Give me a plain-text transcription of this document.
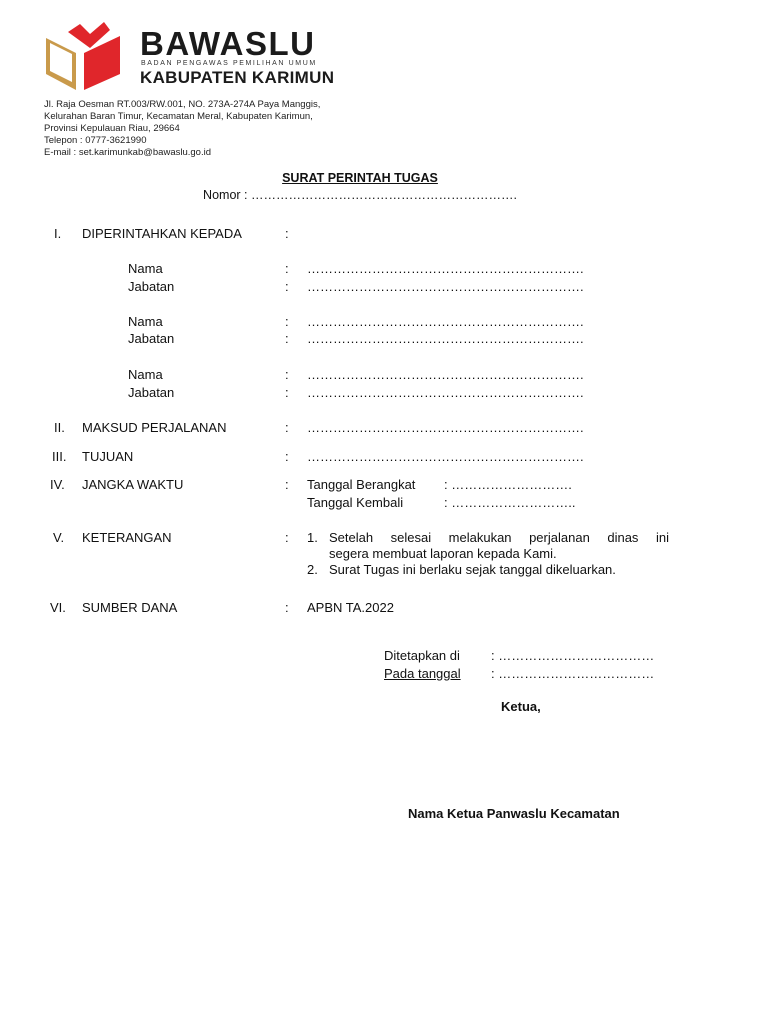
BAWASLU
BADAN PENGAWAS PEMILIHAN UMUM
KABUPATEN KARIMUN
Jl. Raja Oesman RT.003/RW.001, NO. 273A-274A Paya Manggis,
Kelurahan Baran Timur, Kecamatan Meral, Kabupaten Karimun,
Provinsi Kepulauan Riau, 29664
Telepon : 0777-3621990
E-mail : set.karimunkab@bawaslu.go.id
SURAT PERINTAH TUGAS
Nomor : ……………………………………………………….
I. DIPERINTAHKAN KEPADA	:
Nama	: ……………………………………………………….
Jabatan	: ……………………………………………………….
Nama	: ……………………………………………………….
Jabatan	: ……………………………………………………….
Nama	: ……………………………………………………….
Jabatan	: ……………………………………………………….
II. MAKSUD PERJALANAN	: ……………………………………………………….
III. TUJUAN	: ……………………………………………………….
IV. JANGKA WAKTU	: Tanggal Berangkat : ……………………….
Tanggal Kembali	: ………………………..
V. KETERANGAN	: 1. Setelah selesai melakukan perjalanan dinas ini
segera membuat laporan kepada Kami.
2. Surat Tugas ini berlaku sejak tanggal dikeluarkan.
VI. SUMBER DANA	: APBN TA.2022
Ditetapkan di : ………………………………
Pada tanggal : ………………………………
Ketua,
Nama Ketua Panwaslu Kecamatan
